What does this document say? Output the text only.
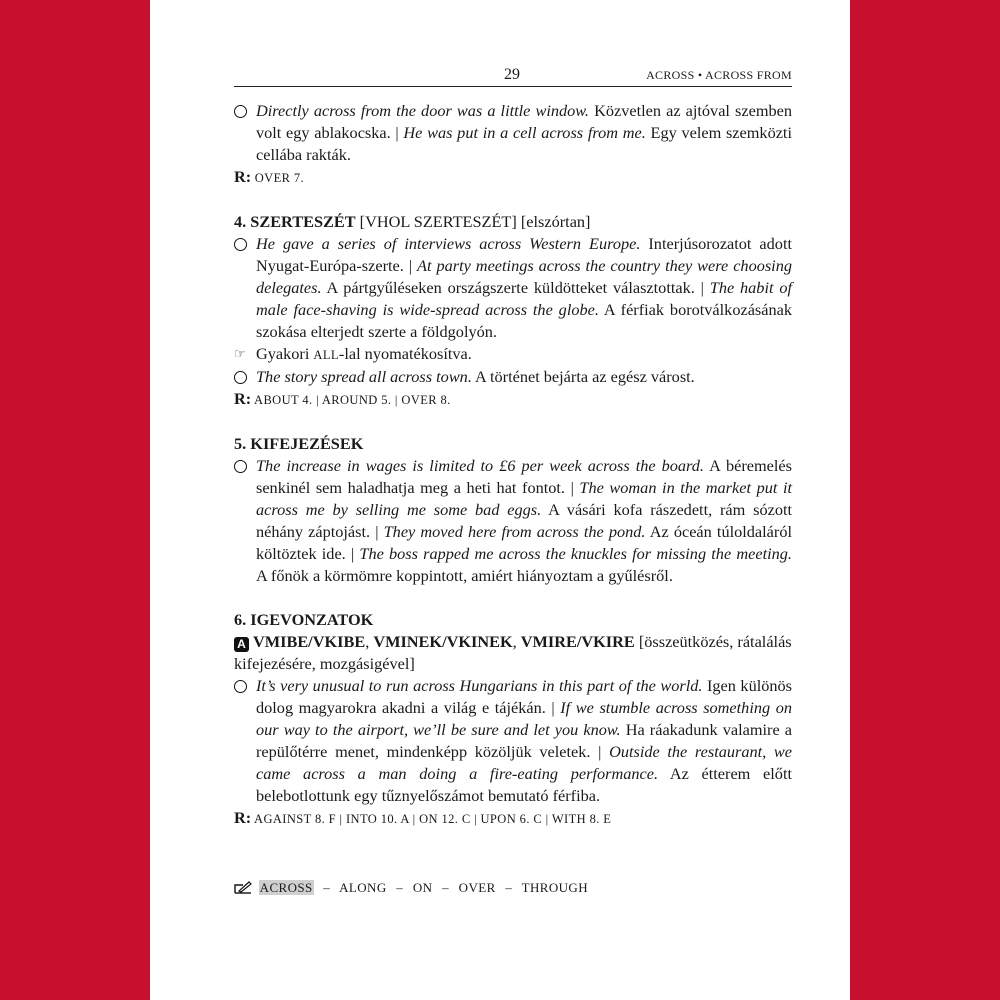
29	ACROSS • ACROSS FROM
Directly across from the door was a little window. Közvetlen az ajtóval szemben volt egy ablakocska. | He was put in a cell across from me. Egy velem szemközti cellába rakták.

R: OVER 7.

4. SZERTESZÉT [VHOL SZERTESZÉT] [elszórtan]
He gave a series of interviews across Western Europe. Interjúsorozatot adott Nyugat-Európa-szerte. | At party meetings across the country they were choosing delegates. A pártgyűléseken országszerte küldötteket választottak. | The habit of male face-shaving is wide-spread across the globe. A férfiak borotválkozásának szokása elterjedt szerte a földgolyón.
☞ Gyakori ALL-lal nyomatékosítva.
The story spread all across town. A történet bejárta az egész várost.

R: ABOUT 4. | AROUND 5. | OVER 8.

5. KIFEJEZÉSEK
The increase in wages is limited to £6 per week across the board. A béremelés senkinél sem haladhatja meg a heti hat fontot. | The woman in the market put it across me by selling me some bad eggs. A vásári kofa rászedett, rám sózott néhány záptojást. | They moved here from across the pond. Az óceán túloldaláról költöztek ide. | The boss rapped me across the knuckles for missing the meeting. A főnök a körmömre koppintott, amiért hiányoztam a gyűlésről.
6. IGEVONZATOK
A VMIBE/VKIBE, VMINEK/VKINEK, VMIRE/VKIRE [összeütközés, rátalálás kifejezésére, mozgásigével]
It’s very unusual to run across Hungarians in this part of the world. Igen különös dolog magyarokra akadni a világ e tájékán. | If we stumble across something on our way to the airport, we’ll be sure and let you know. Ha ráakadunk valamire a repülőtérre menet, mindenképp közöljük veletek. | Outside the restaurant, we came across a man doing a fire-eating performance. Az étterem előtt belebotlottunk egy tűznyelőszámot bemutató férfiba.

R: AGAINST 8. F | INTO 10. A | ON 12. C | UPON 6. C | WITH 8. E

ACROSS – ALONG – ON – OVER – THROUGH
